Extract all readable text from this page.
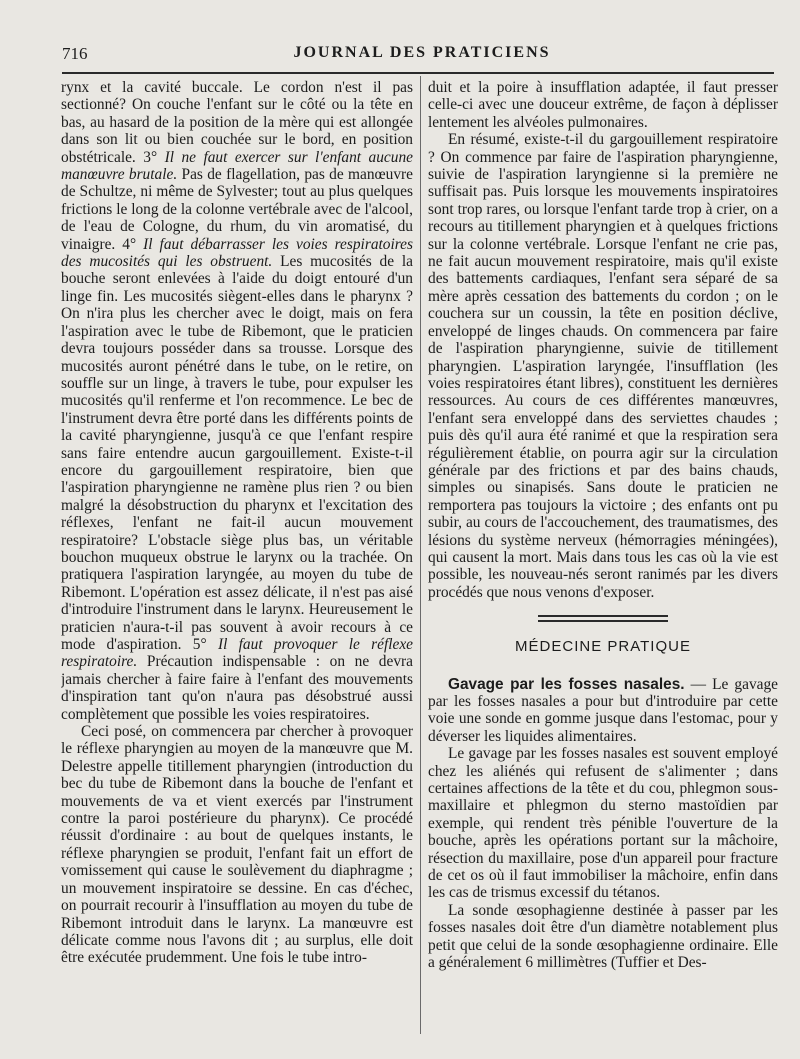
716	JOURNAL DES PRATICIENS

rynx et la cavité buccale. Le cordon n'est il pas sectionné? On couche l'enfant sur le côté ou la tête en bas, au hasard de la position de la mère qui est allongée dans son lit ou bien couchée sur le bord, en position obstétricale. 3° Il ne faut exercer sur l'enfant aucune manœuvre brutale. Pas de flagellation, pas de manœuvre de Schultze, ni même de Sylvester; tout au plus quelques frictions le long de la colonne vertébrale avec de l'alcool, de l'eau de Cologne, du rhum, du vin aromatisé, du vinaigre. 4° Il faut débarrasser les voies respiratoires des mucosités qui les obstruent. Les mucosités de la bouche seront enlevées à l'aide du doigt entouré d'un linge fin. Les mucosités siègent-elles dans le pharynx ? On n'ira plus les chercher avec le doigt, mais on fera l'aspiration avec le tube de Ribemont, que le praticien devra toujours posséder dans sa trousse. Lorsque des mucosités auront pénétré dans le tube, on le retire, on souffle sur un linge, à travers le tube, pour expulser les mucosités qu'il renferme et l'on recommence. Le bec de l'instrument devra être porté dans les différents points de la cavité pharyngienne, jusqu'à ce que l'enfant respire sans faire entendre aucun gargouillement. Existe-t-il encore du gargouillement respiratoire, bien que l'aspiration pharyngienne ne ramène plus rien ? ou bien malgré la désobstruction du pharynx et l'excitation des réflexes, l'enfant ne fait-il aucun mouvement respiratoire? L'obstacle siège plus bas, un véritable bouchon muqueux obstrue le larynx ou la trachée. On pratiquera l'aspiration laryngée, au moyen du tube de Ribemont. L'opération est assez délicate, il n'est pas aisé d'introduire l'instrument dans le larynx. Heureusement le praticien n'aura-t-il pas souvent à avoir recours à ce mode d'aspiration. 5° Il faut provoquer le réflexe respiratoire. Précaution indispensable : on ne devra jamais chercher à faire faire à l'enfant des mouvements d'inspiration tant qu'on n'aura pas désobstrué aussi complètement que possible les voies respiratoires.

Ceci posé, on commencera par chercher à provoquer le réflexe pharyngien au moyen de la manœuvre que M. Delestre appelle titillement pharyngien (introduction du bec du tube de Ribemont dans la bouche de l'enfant et mouvements de va et vient exercés par l'instrument contre la paroi postérieure du pharynx). Ce procédé réussit d'ordinaire : au bout de quelques instants, le réflexe pharyngien se produit, l'enfant fait un effort de vomissement qui cause le soulèvement du diaphragme ; un mouvement inspiratoire se dessine. En cas d'échec, on pourrait recourir à l'insufflation au moyen du tube de Ribemont introduit dans le larynx. La manœuvre est délicate comme nous l'avons dit ; au surplus, elle doit être exécutée prudemment. Une fois le tube intro-

duit et la poire à insufflation adaptée, il faut presser celle-ci avec une douceur extrême, de façon à déplisser lentement les alvéoles pulmonaires.

En résumé, existe-t-il du gargouillement respiratoire ? On commence par faire de l'aspiration pharyngienne, suivie de l'aspiration laryngienne si la première ne suffisait pas. Puis lorsque les mouvements inspiratoires sont trop rares, ou lorsque l'enfant tarde trop à crier, on a recours au titillement pharyngien et à quelques frictions sur la colonne vertébrale. Lorsque l'enfant ne crie pas, ne fait aucun mouvement respiratoire, mais qu'il existe des battements cardiaques, l'enfant sera séparé de sa mère après cessation des battements du cordon ; on le couchera sur un coussin, la tête en position déclive, enveloppé de linges chauds. On commencera par faire de l'aspiration pharyngienne, suivie de titillement pharyngien. L'aspiration laryngée, l'insufflation (les voies respiratoires étant libres), constituent les dernières ressources. Au cours de ces différentes manœuvres, l'enfant sera enveloppé dans des serviettes chaudes ; puis dès qu'il aura été ranimé et que la respiration sera régulièrement établie, on pourra agir sur la circulation générale par des frictions et par des bains chauds, simples ou sinapisés. Sans doute le praticien ne remportera pas toujours la victoire ; des enfants ont pu subir, au cours de l'accouchement, des traumatismes, des lésions du système nerveux (hémorragies méningées), qui causent la mort. Mais dans tous les cas où la vie est possible, les nouveau-nés seront ranimés par les divers procédés que nous venons d'exposer.

MÉDECINE PRATIQUE

Gavage par les fosses nasales. — Le gavage par les fosses nasales a pour but d'introduire par cette voie une sonde en gomme jusque dans l'estomac, pour y déverser les liquides alimentaires.

Le gavage par les fosses nasales est souvent employé chez les aliénés qui refusent de s'alimenter ; dans certaines affections de la tête et du cou, phlegmon sous-maxillaire et phlegmon du sterno mastoïdien par exemple, qui rendent très pénible l'ouverture de la bouche, après les opérations portant sur la mâchoire, résection du maxillaire, pose d'un appareil pour fracture de cet os où il faut immobiliser la mâchoire, enfin dans les cas de trismus excessif du tétanos.

La sonde œsophagienne destinée à passer par les fosses nasales doit être d'un diamètre notablement plus petit que celui de la sonde œsophagienne ordinaire. Elle a généralement 6 millimètres (Tuffier et Des-
